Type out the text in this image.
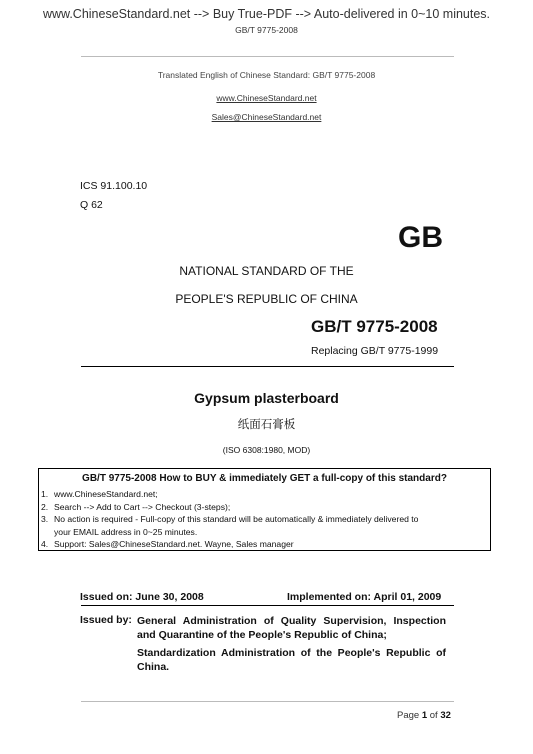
www.ChineseStandard.net --> Buy True-PDF --> Auto-delivered in 0~10 minutes.
GB/T 9775-2008
Translated English of Chinese Standard: GB/T 9775-2008
www.ChineseStandard.net
Sales@ChineseStandard.net
ICS 91.100.10
Q 62
GB
NATIONAL STANDARD OF THE
PEOPLE'S REPUBLIC OF CHINA
GB/T 9775-2008
Replacing GB/T 9775-1999
Gypsum plasterboard
纸面石膏板
(ISO 6308:1980, MOD)
GB/T 9775-2008 How to BUY & immediately GET a full-copy of this standard?
1. www.ChineseStandard.net;
2. Search --> Add to Cart --> Checkout (3-steps);
3. No action is required - Full-copy of this standard will be automatically & immediately delivered to
your EMAIL address in 0~25 minutes.
4. Support: Sales@ChineseStandard.net. Wayne, Sales manager
Issued on: June 30, 2008	Implemented on: April 01, 2009
Issued by: General Administration of Quality Supervision, Inspection and Quarantine of the People's Republic of China;
Standardization Administration of the People's Republic of China.
Page 1 of 32
